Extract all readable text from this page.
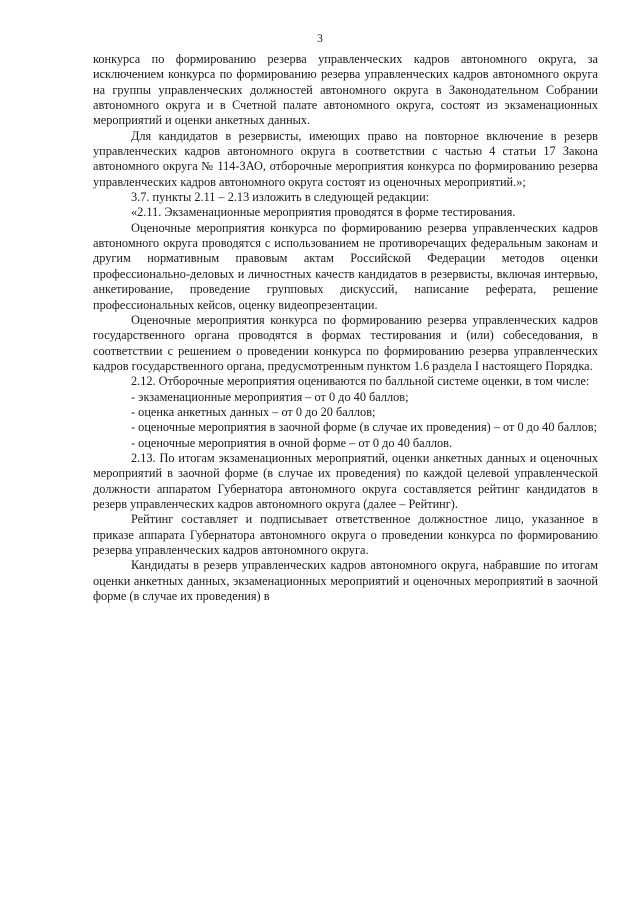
3

конкурса по формированию резерва управленческих кадров автономного округа, за исключением конкурса по формированию резерва управленческих кадров автономного округа на группы управленческих должностей автономного округа в Законодательном Собрании автономного округа и в Счетной палате автономного округа, состоят из экзаменационных мероприятий и оценки анкетных данных.

Для кандидатов в резервисты, имеющих право на повторное включение в резерв управленческих кадров автономного округа в соответствии с частью 4 статьи 17 Закона автономного округа № 114-ЗАО, отборочные мероприятия конкурса по формированию резерва управленческих кадров автономного округа состоят из оценочных мероприятий.»;

3.7. пункты 2.11 – 2.13 изложить в следующей редакции:

«2.11. Экзаменационные мероприятия проводятся в форме тестирования.

Оценочные мероприятия конкурса по формированию резерва управленческих кадров автономного округа проводятся с использованием не противоречащих федеральным законам и другим нормативным правовым актам Российской Федерации методов оценки профессионально-деловых и личностных качеств кандидатов в резервисты, включая интервью, анкетирование, проведение групповых дискуссий, написание реферата, решение профессиональных кейсов, оценку видеопрезентации.

Оценочные мероприятия конкурса по формированию резерва управленческих кадров государственного органа проводятся в формах тестирования и (или) собеседования, в соответствии с решением о проведении конкурса по формированию резерва управленческих кадров государственного органа, предусмотренным пунктом 1.6 раздела I настоящего Порядка.

2.12. Отборочные мероприятия оцениваются по балльной системе оценки, в том числе:

- экзаменационные мероприятия – от 0 до 40 баллов;

- оценка анкетных данных – от 0 до 20 баллов;

- оценочные мероприятия в заочной форме (в случае их проведения) – от 0 до 40 баллов;

- оценочные мероприятия в очной форме – от 0 до 40 баллов.

2.13. По итогам экзаменационных мероприятий, оценки анкетных данных и оценочных мероприятий в заочной форме (в случае их проведения) по каждой целевой управленческой должности аппаратом Губернатора автономного округа составляется рейтинг кандидатов в резерв управленческих кадров автономного округа (далее – Рейтинг).

Рейтинг составляет и подписывает ответственное должностное лицо, указанное в приказе аппарата Губернатора автономного округа о проведении конкурса по формированию резерва управленческих кадров автономного округа.

Кандидаты в резерв управленческих кадров автономного округа, набравшие по итогам оценки анкетных данных, экзаменационных мероприятий и оценочных мероприятий в заочной форме (в случае их проведения) в
